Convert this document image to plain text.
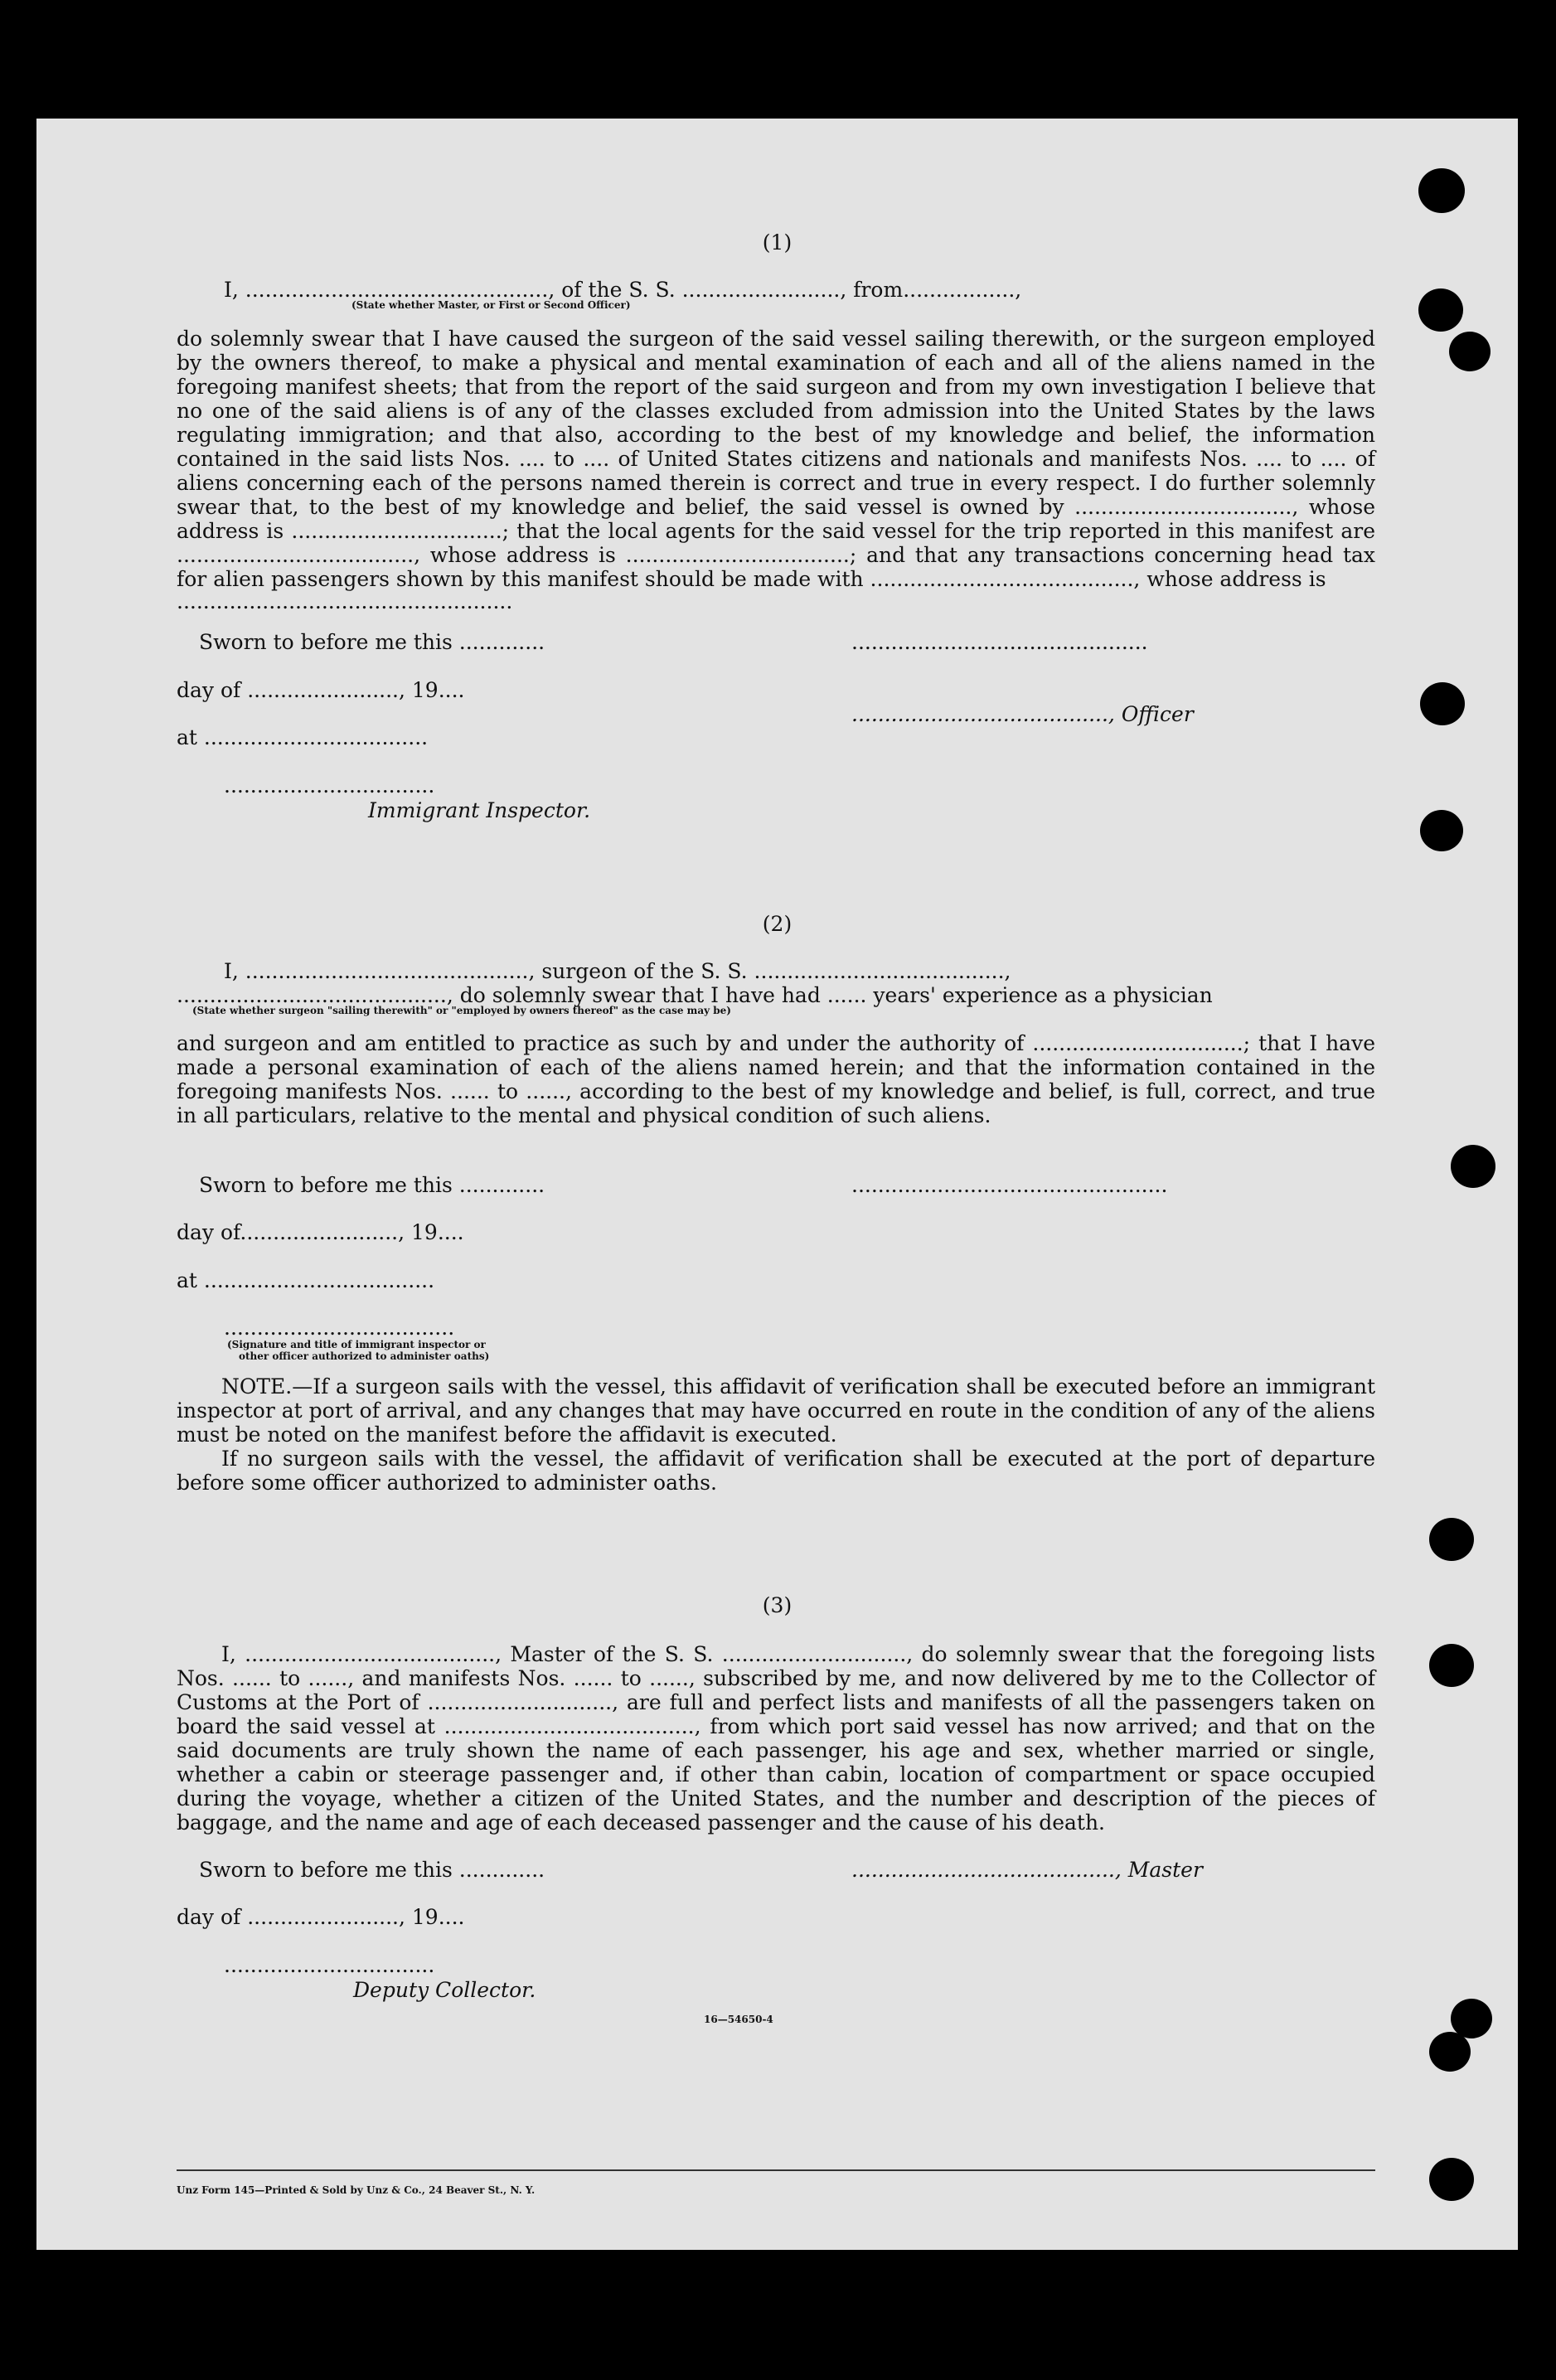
(1)
I, .............................................., of the S. S. ........................, from.................,
(State whether Master, or First or Second Officer)
do solemnly swear that I have caused the surgeon of the said vessel sailing therewith, or the surgeon employed by the owners thereof, to make a physical and mental examination of each and all of the aliens named in the foregoing manifest sheets; that from the report of the said surgeon and from my own investigation I believe that no one of the said aliens is of any of the classes excluded from admission into the United States by the laws regulating immigration; and that also, according to the best of my knowledge and belief, the information contained in the said lists Nos. .... to .... of United States citizens and nationals and manifests Nos. .... to .... of aliens concerning each of the persons named therein is correct and true in every respect. I do further solemnly swear that, to the best of my knowledge and belief, the said vessel is owned by ................................., whose address is ................................; that the local agents for the said vessel for the trip reported in this manifest are ...................................., whose address is ..................................; and that any transactions concerning head tax for alien passengers shown by this manifest should be made with ........................................, whose address is
...................................................
Sworn to before me this .............	.............................................
day of ......................., 19....
......................................., Officer
at ..................................
................................
Immigrant Inspector.
(2)
I, ..........................................., surgeon of the S. S. ......................................,
........................................., do solemnly swear that I have had ...... years' experience as a physician
(State whether surgeon "sailing therewith" or "employed by owners thereof" as the case may be)
and surgeon and am entitled to practice as such by and under the authority of ................................; that I have made a personal examination of each of the aliens named herein; and that the information contained in the foregoing manifests Nos. ...... to ......, according to the best of my knowledge and belief, is full, correct, and true in all particulars, relative to the mental and physical condition of such aliens.
Sworn to before me this .............	................................................
day of........................, 19....
at ...................................
...................................
(Signature and title of immigrant inspector or
other officer authorized to administer oaths)
NOTE.—If a surgeon sails with the vessel, this affidavit of verification shall be executed before an immigrant inspector at port of arrival, and any changes that may have occurred en route in the condition of any of the aliens must be noted on the manifest before the affidavit is executed.
If no surgeon sails with the vessel, the affidavit of verification shall be executed at the port of departure before some officer authorized to administer oaths.
(3)
I, ......................................, Master of the S. S. ............................, do solemnly swear that the foregoing lists Nos. ...... to ......, and manifests Nos. ...... to ......, subscribed by me, and now delivered by me to the Collector of Customs at the Port of ............................, are full and perfect lists and manifests of all the passengers taken on board the said vessel at ......................................, from which port said vessel has now arrived; and that on the said documents are truly shown the name of each passenger, his age and sex, whether married or single, whether a cabin or steerage passenger and, if other than cabin, location of compartment or space occupied during the voyage, whether a citizen of the United States, and the number and description of the pieces of baggage, and the name and age of each deceased passenger and the cause of his death.
Sworn to before me this .............	........................................, Master
day of ......................., 19....
................................
Deputy Collector.
16—54650-4
Unz Form 145—Printed & Sold by Unz & Co., 24 Beaver St., N. Y.
